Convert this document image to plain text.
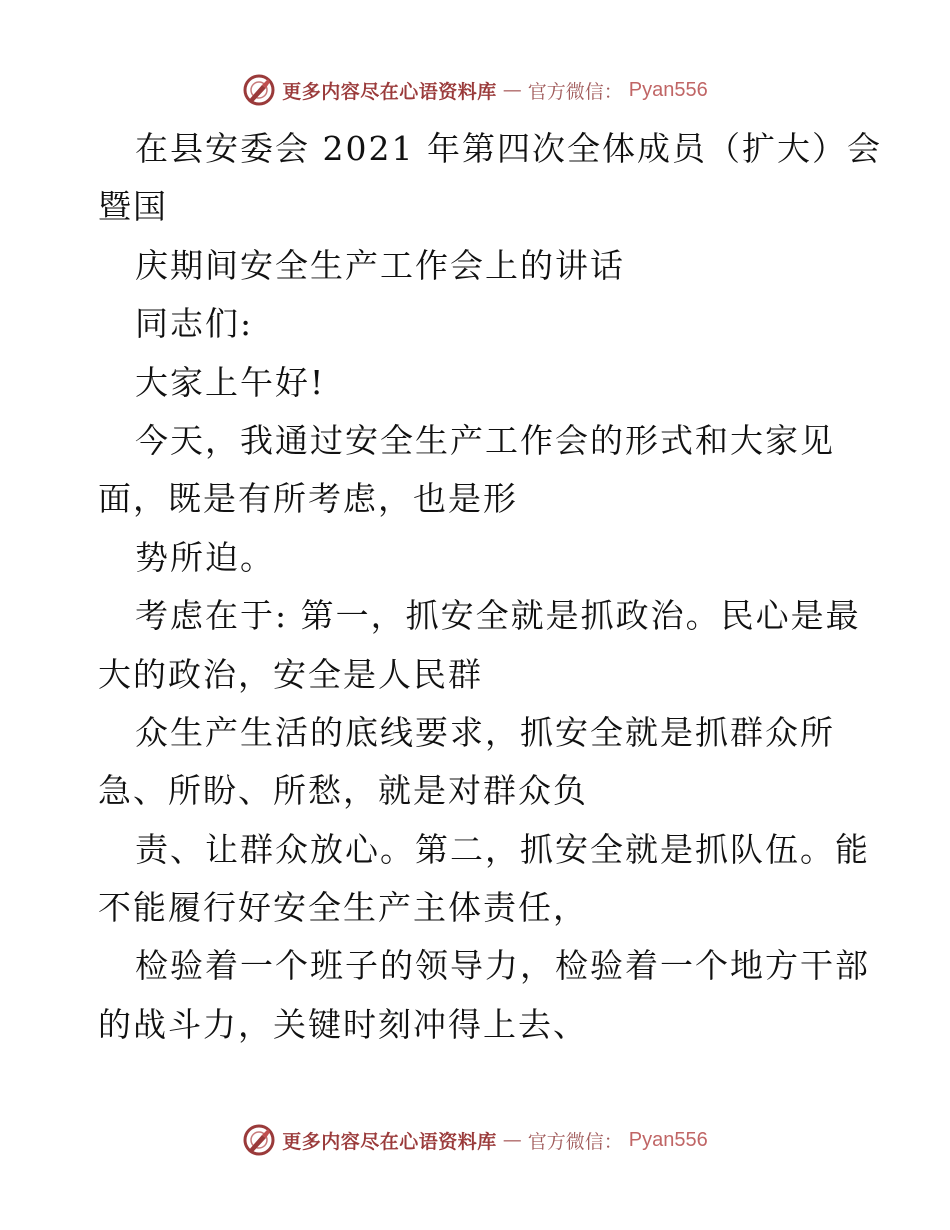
更多内容尽在心语资料库 — 官方微信： Pyan556
在县安委会 2021 年第四次全体成员（扩大）会
暨国
庆期间安全生产工作会上的讲话
同志们:
大家上午好!
今天，我通过安全生产工作会的形式和大家见
面，既是有所考虑，也是形
势所迫。
考虑在于: 第一，抓安全就是抓政治。民心是最
大的政治，安全是人民群
众生产生活的底线要求，抓安全就是抓群众所
急、所盼、所愁，就是对群众负
责、让群众放心。第二，抓安全就是抓队伍。能
不能履行好安全生产主体责任，
检验着一个班子的领导力，检验着一个地方干部
的战斗力，关键时刻冲得上去、
更多内容尽在心语资料库 — 官方微信： Pyan556
